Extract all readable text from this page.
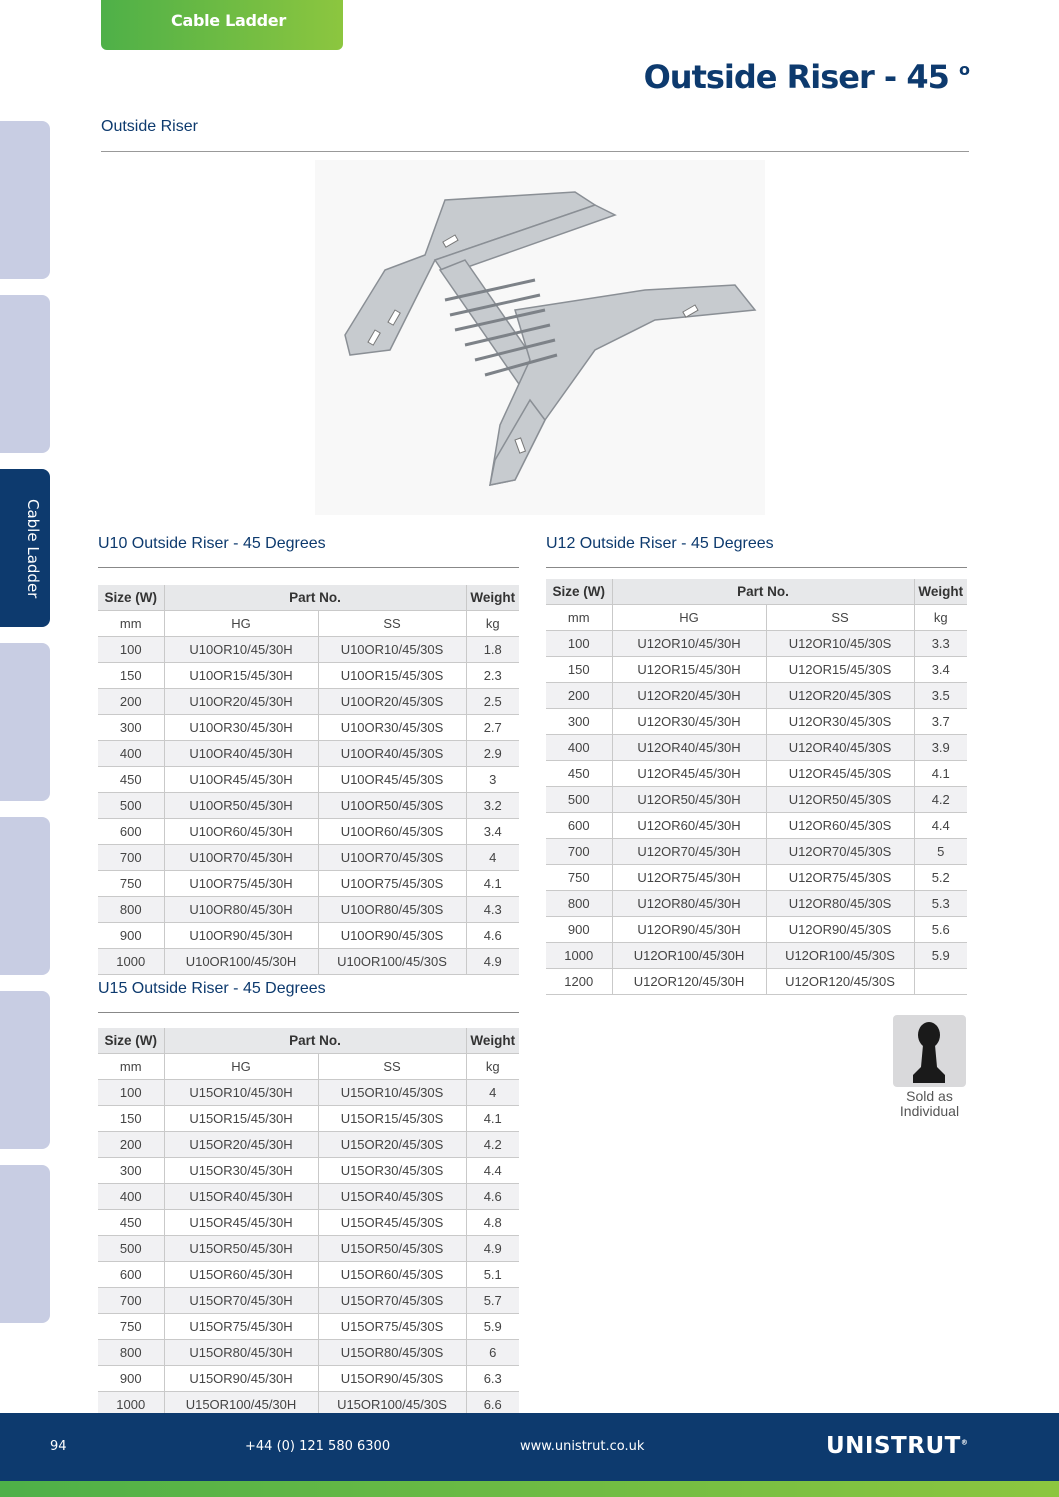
Cable Ladder
Outside Riser - 45 $^o$
Outside Riser
Cable Ladder	U10 Outside Riser - 45 Degrees
Size (W)	Part No.		Weight
mm	HG	SS	kg
100	U10OR10/45/30H	U10OR10/45/30S	1.8
150	U10OR15/45/30H	U10OR15/45/30S	2.3
200	U10OR20/45/30H	U10OR20/45/30S	2.5
300	U10OR30/45/30H	U10OR30/45/30S	2.7
400	U10OR40/45/30H	U10OR40/45/30S	2.9
450	U10OR45/45/30H	U10OR45/45/30S	3
500	U10OR50/45/30H	U10OR50/45/30S	3.2
600	U10OR60/45/30H	U10OR60/45/30S	3.4
700	U10OR70/45/30H	U10OR70/45/30S	4
750	U10OR75/45/30H	U10OR75/45/30S	4.1
800	U10OR80/45/30H	U10OR80/45/30S	4.3
900	U10OR90/45/30H	U10OR90/45/30S	4.6
1000	U10OR100/45/30H	U10OR100/45/30S	4.9
U12 Outside Riser - 45 Degrees
Size (W)	Part No.		Weight
mm	HG	SS	kg
100	U12OR10/45/30H	U12OR10/45/30S	3.3
150	U12OR15/45/30H	U12OR15/45/30S	3.4
200	U12OR20/45/30H	U12OR20/45/30S	3.5
300	U12OR30/45/30H	U12OR30/45/30S	3.7
400	U12OR40/45/30H	U12OR40/45/30S	3.9
450	U12OR45/45/30H	U12OR45/45/30S	4.1
500	U12OR50/45/30H	U12OR50/45/30S	4.2
600	U12OR60/45/30H	U12OR60/45/30S	4.4
700	U12OR70/45/30H	U12OR70/45/30S	5
750	U12OR75/45/30H	U12OR75/45/30S	5.2
800	U12OR80/45/30H	U12OR80/45/30S	5.3
900	U12OR90/45/30H	U12OR90/45/30S	5.6
1000	U12OR100/45/30H	U12OR100/45/30S	5.9
1200	U12OR120/45/30H	U12OR120/45/30S	
U15 Outside Riser - 45 Degrees
Size (W)	Part No.		Weight
mm	HG	SS	kg
100	U15OR10/45/30H	U15OR10/45/30S	4
150	U15OR15/45/30H	U15OR15/45/30S	4.1
200	U15OR20/45/30H	U15OR20/45/30S	4.2
300	U15OR30/45/30H	U15OR30/45/30S	4.4
400	U15OR40/45/30H	U15OR40/45/30S	4.6
450	U15OR45/45/30H	U15OR45/45/30S	4.8
500	U15OR50/45/30H	U15OR50/45/30S	4.9
600	U15OR60/45/30H	U15OR60/45/30S	5.1
700	U15OR70/45/30H	U15OR70/45/30S	5.7
750	U15OR75/45/30H	U15OR75/45/30S	5.9
800	U15OR80/45/30H	U15OR80/45/30S	6
900	U15OR90/45/30H	U15OR90/45/30S	6.3
1000	U15OR100/45/30H	U15OR100/45/30S	6.6
Sold as
Individual
94	+44 (0) 121 580 6300	www.unistrut.co.uk	UNISTRUT®
